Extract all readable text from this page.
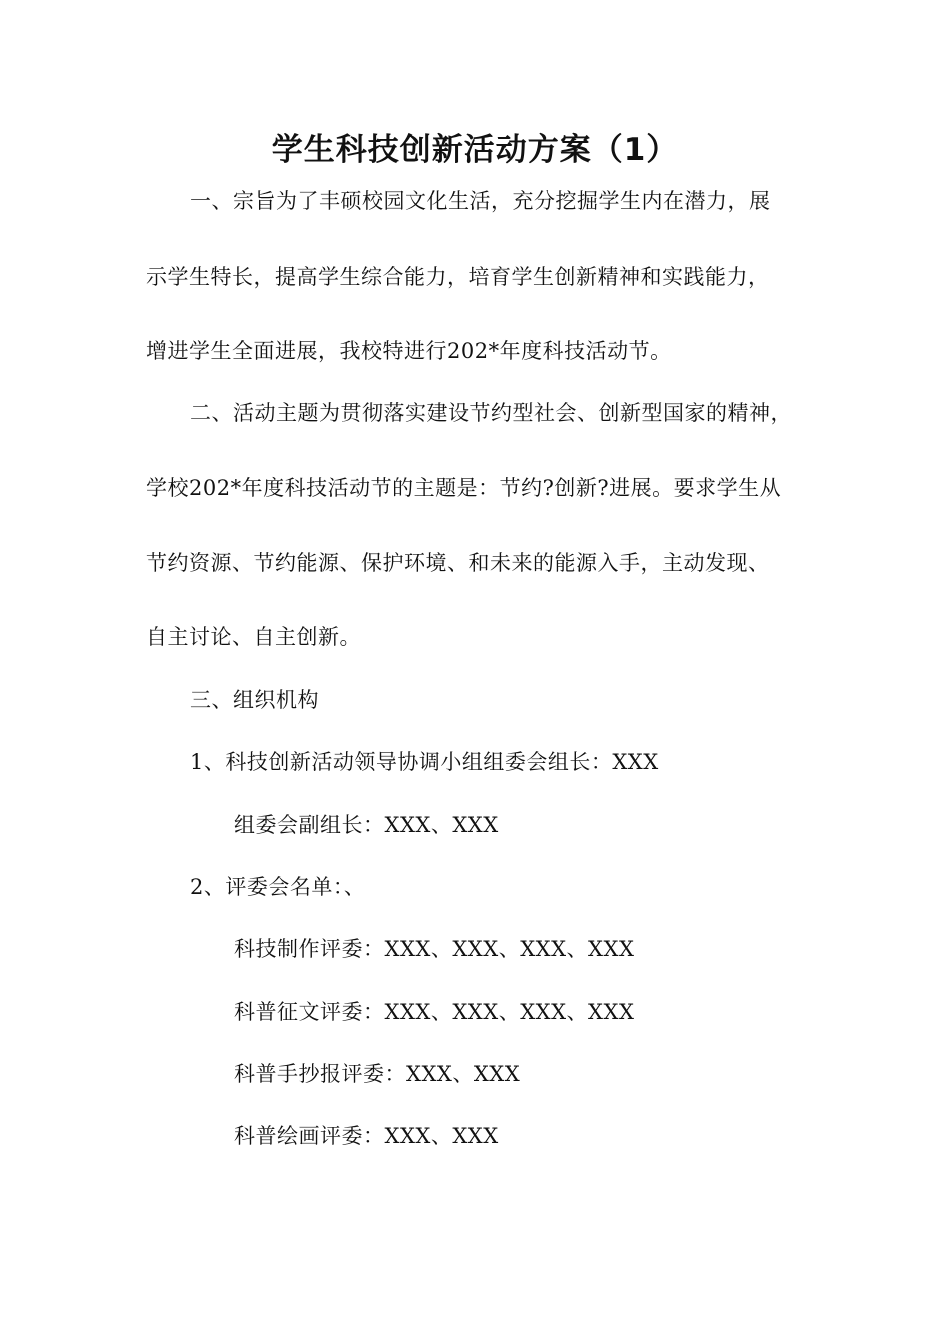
学生科技创新活动方案（1）
一、宗旨为了丰硕校园文化生活，充分挖掘学生内在潜力，展
示学生特长，提高学生综合能力，培育学生创新精神和实践能力，
增进学生全面进展，我校特进行202*年度科技活动节。
二、活动主题为贯彻落实建设节约型社会、创新型国家的精神，
学校202*年度科技活动节的主题是：节约?创新?进展。要求学生从
节约资源、节约能源、保护环境、和未来的能源入手，主动发现、
自主讨论、自主创新。
三、组织机构
1、科技创新活动领导协调小组组委会组长：XXX
组委会副组长：XXX、XXX
2、评委会名单：、
科技制作评委：XXX、XXX、XXX、XXX
科普征文评委：XXX、XXX、XXX、XXX
科普手抄报评委：XXX、XXX
科普绘画评委：XXX、XXX
